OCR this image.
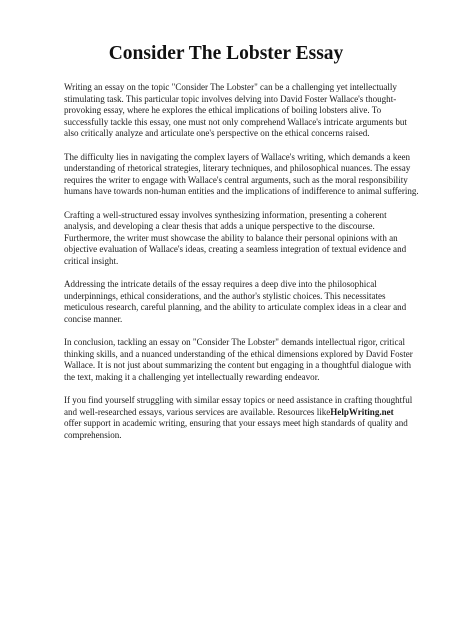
Consider The Lobster Essay

Writing an essay on the topic "Consider The Lobster" can be a challenging yet intellectually stimulating task. This particular topic involves delving into David Foster Wallace's thought-provoking essay, where he explores the ethical implications of boiling lobsters alive. To successfully tackle this essay, one must not only comprehend Wallace's intricate arguments but also critically analyze and articulate one's perspective on the ethical concerns raised.

The difficulty lies in navigating the complex layers of Wallace's writing, which demands a keen understanding of rhetorical strategies, literary techniques, and philosophical nuances. The essay requires the writer to engage with Wallace's central arguments, such as the moral responsibility humans have towards non-human entities and the implications of indifference to animal suffering.

Crafting a well-structured essay involves synthesizing information, presenting a coherent analysis, and developing a clear thesis that adds a unique perspective to the discourse. Furthermore, the writer must showcase the ability to balance their personal opinions with an objective evaluation of Wallace's ideas, creating a seamless integration of textual evidence and critical insight.

Addressing the intricate details of the essay requires a deep dive into the philosophical underpinnings, ethical considerations, and the author's stylistic choices. This necessitates meticulous research, careful planning, and the ability to articulate complex ideas in a clear and concise manner.

In conclusion, tackling an essay on "Consider The Lobster" demands intellectual rigor, critical thinking skills, and a nuanced understanding of the ethical dimensions explored by David Foster Wallace. It is not just about summarizing the content but engaging in a thoughtful dialogue with the text, making it a challenging yet intellectually rewarding endeavor.

If you find yourself struggling with similar essay topics or need assistance in crafting thoughtful and well-researched essays, various services are available. Resources likeHelpWriting.net
offer support in academic writing, ensuring that your essays meet high standards of quality and comprehension.
